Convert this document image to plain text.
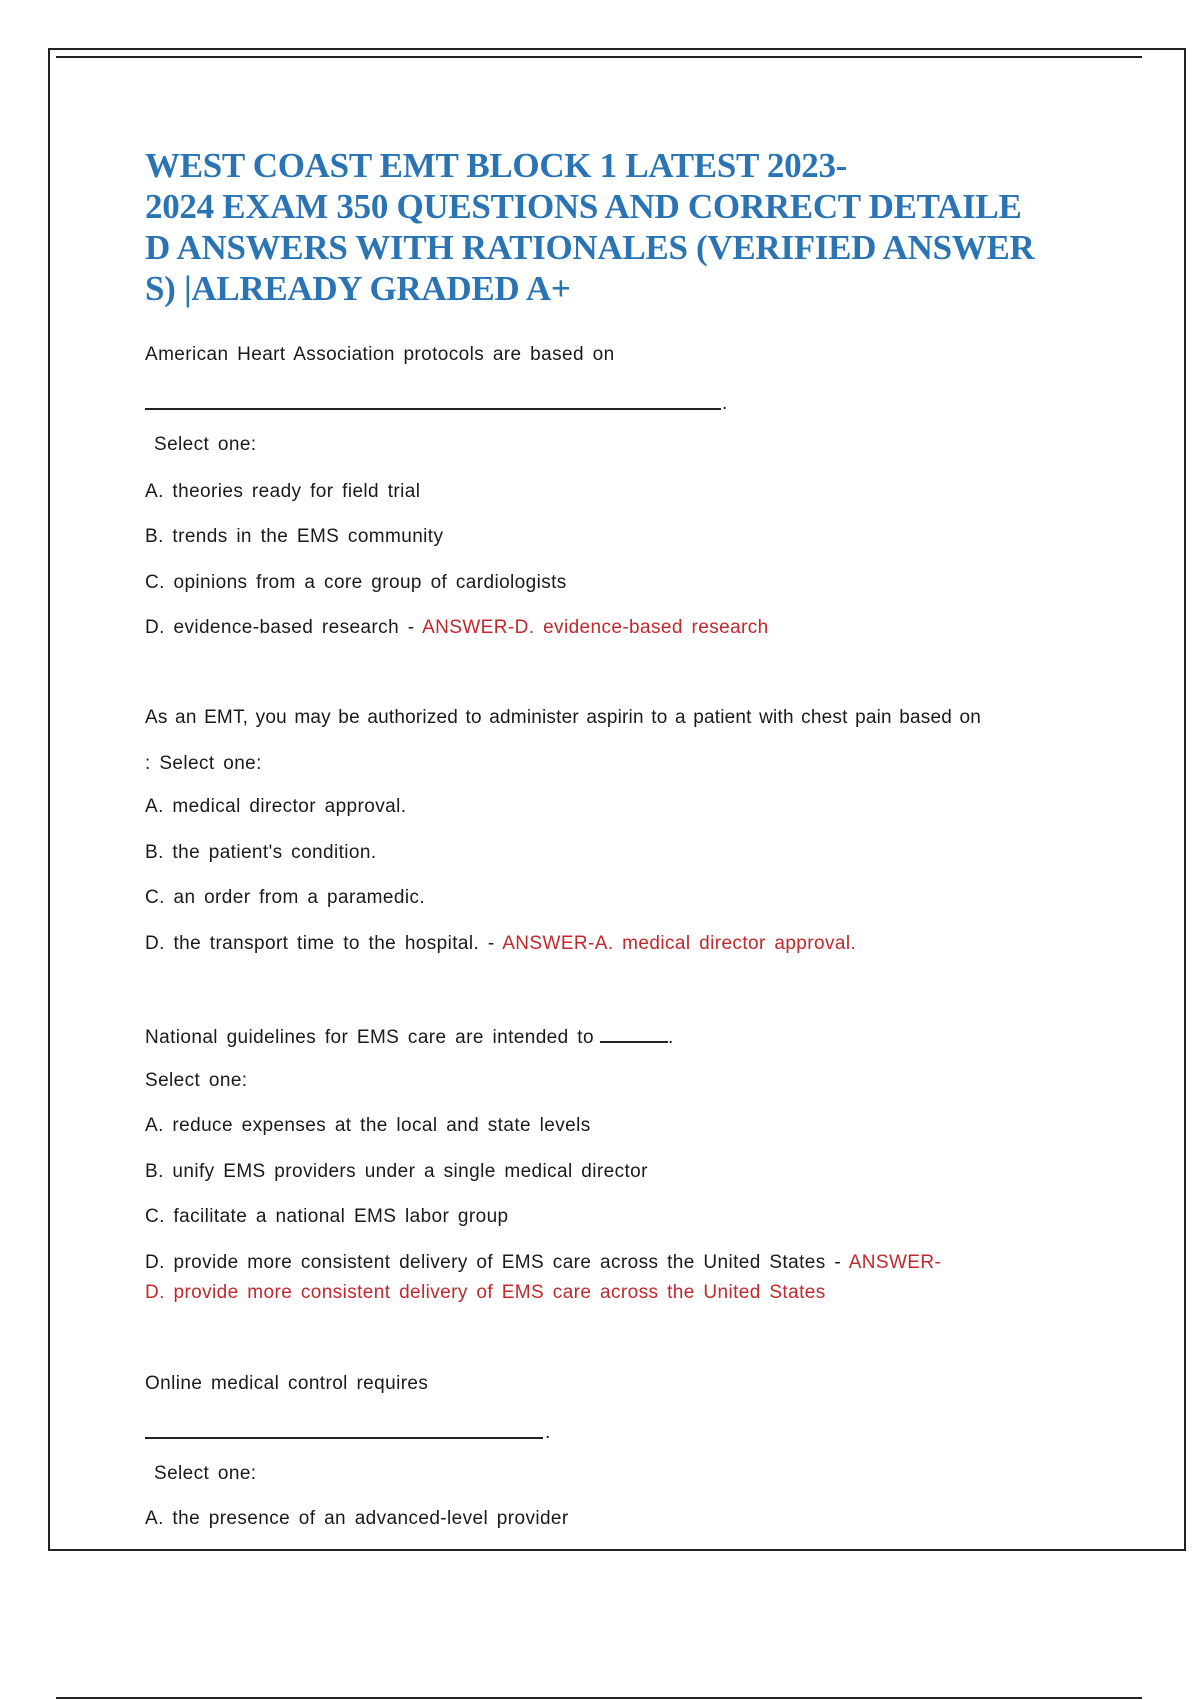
WEST COAST EMT BLOCK 1 LATEST 2023-
2024 EXAM 350 QUESTIONS AND CORRECT DETAILE
D ANSWERS WITH RATIONALES (VERIFIED ANSWER
S) |ALREADY GRADED A+
American Heart Association protocols are based on
.
Select one:
A. theories ready for field trial
B. trends in the EMS community
C. opinions from a core group of cardiologists
D. evidence-based research - ANSWER-D. evidence-based research
As an EMT, you may be authorized to administer aspirin to a patient with chest pain based on
: Select one:
A. medical director approval.
B. the patient's condition.
C. an order from a paramedic.
D. the transport time to the hospital. - ANSWER-A. medical director approval.
National guidelines for EMS care are intended to	.
Select one:
A. reduce expenses at the local and state levels
B. unify EMS providers under a single medical director
C. facilitate a national EMS labor group
D. provide more consistent delivery of EMS care across the United States - ANSWER-
D. provide more consistent delivery of EMS care across the United States
Online medical control requires
.
Select one:
A. the presence of an advanced-level provider
